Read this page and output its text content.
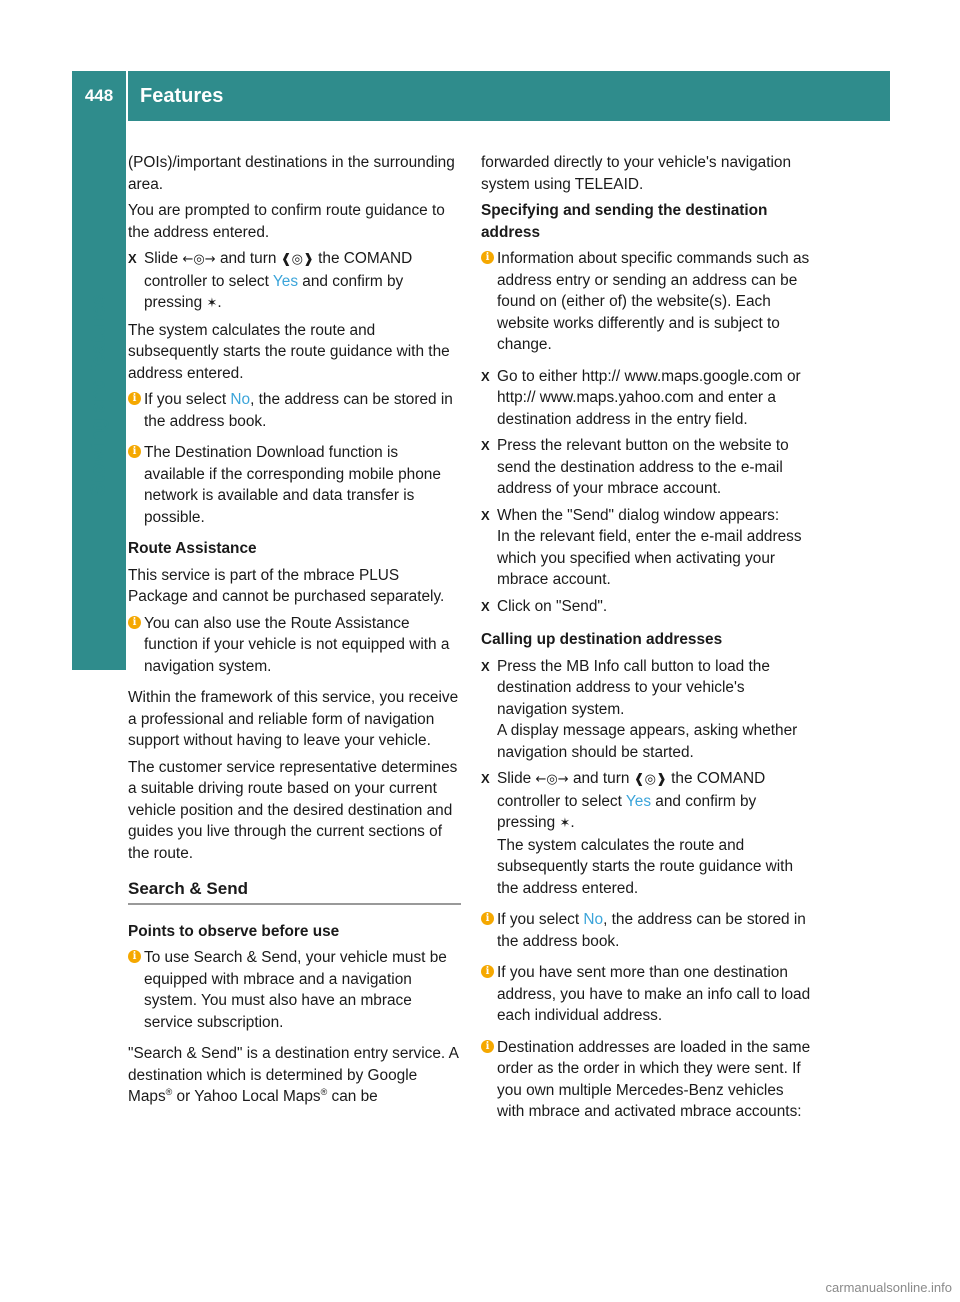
448	Features
Stowing and features

(POIs)/important destinations in the surrounding area.

You are prompted to confirm route guidance to the address entered.

X Slide ←◎→ and turn ❰◎❱ the COMAND controller to select Yes and confirm by pressing ✶.

The system calculates the route and subsequently starts the route guidance with the address entered.

i If you select No, the address can be stored in the address book.
i The Destination Download function is available if the corresponding mobile phone network is available and data transfer is possible.

Route Assistance

This service is part of the mbrace PLUS Package and cannot be purchased separately.

i You can also use the Route Assistance function if your vehicle is not equipped with a navigation system.

Within the framework of this service, you receive a professional and reliable form of navigation support without having to leave your vehicle.

The customer service representative determines a suitable driving route based on your current vehicle position and the desired destination and guides you live through the current sections of the route.

Search & Send

Points to observe before use

i To use Search & Send, your vehicle must be equipped with mbrace and a navigation system. You must also have an mbrace service subscription.

"Search & Send" is a destination entry service. A destination which is determined by Google Maps® or Yahoo Local Maps® can be

forwarded directly to your vehicle's navigation system using TELEAID.

Specifying and sending the destination address

i Information about specific commands such as address entry or sending an address can be found on (either of) the website(s). Each website works differently and is subject to change.
X Go to either http:// www.maps.google.com or http:// www.maps.yahoo.com and enter a destination address in the entry field.
X Press the relevant button on the website to send the destination address to the e-mail address of your mbrace account.
X When the "Send" dialog window appears:
In the relevant field, enter the e-mail address which you specified when activating your mbrace account.
X Click on "Send".

Calling up destination addresses

X Press the MB Info call button to load the destination address to your vehicle's navigation system.
A display message appears, asking whether navigation should be started.
X Slide ←◎→ and turn ❰◎❱ the COMAND controller to select Yes and confirm by pressing ✶.
The system calculates the route and subsequently starts the route guidance with the address entered.
i If you select No, the address can be stored in the address book.
i If you have sent more than one destination address, you have to make an info call to load each individual address.
i Destination addresses are loaded in the same order as the order in which they were sent. If you own multiple Mercedes-Benz vehicles with mbrace and activated mbrace accounts:
carmanualsonline.info
